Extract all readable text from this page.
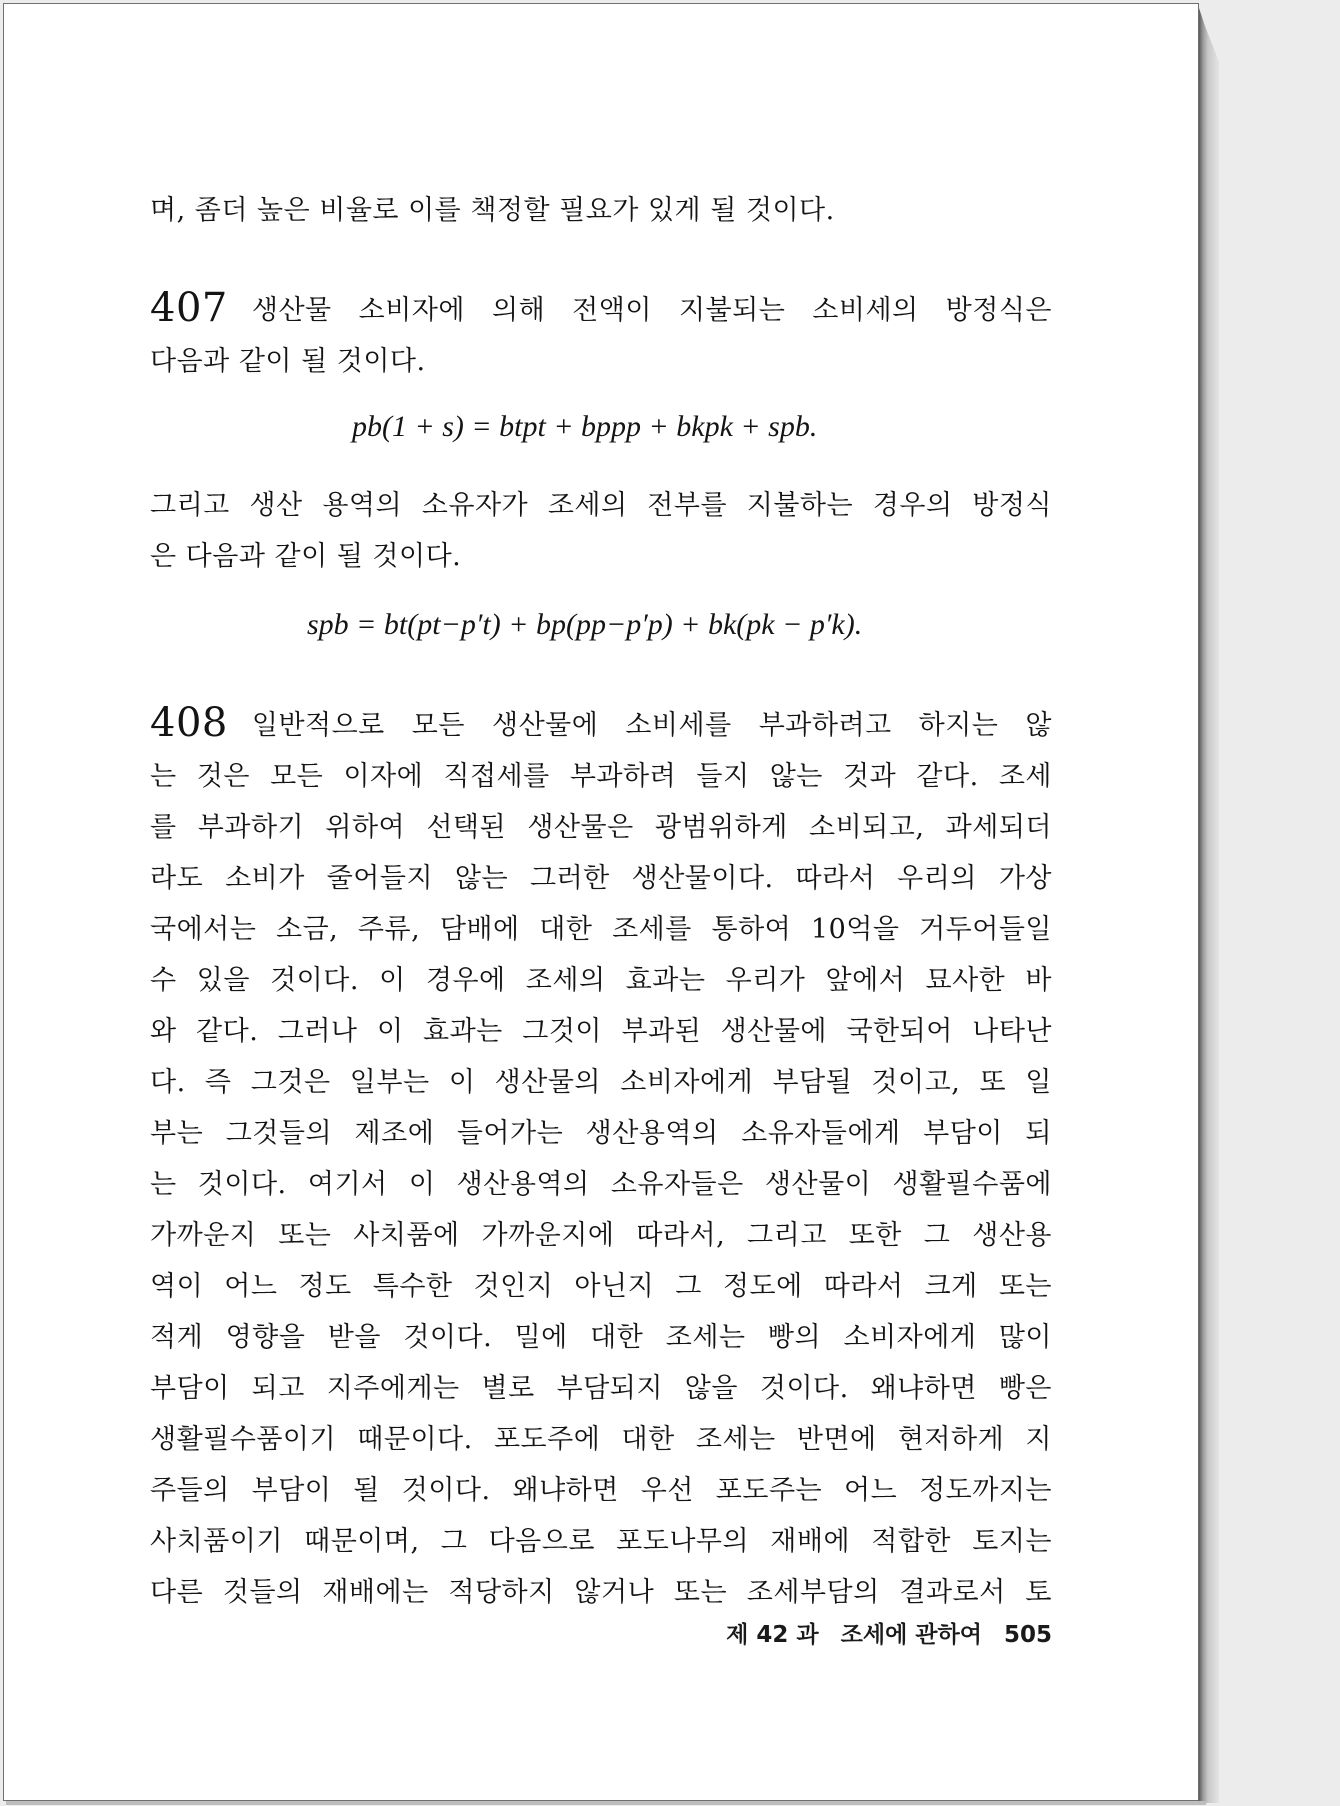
며, 좀더 높은 비율로 이를 책정할 필요가 있게 될 것이다.
407 생산물 소비자에 의해 전액이 지불되는 소비세의 방정식은
다음과 같이 될 것이다.
pb(1 + s) = btpt + bppp + bkpk + spb.
그리고 생산 용역의 소유자가 조세의 전부를 지불하는 경우의 방정식
은 다음과 같이 될 것이다.
spb = bt(pt−p′t) + bp(pp−p′p) + bk(pk − p′k).
408 일반적으로 모든 생산물에 소비세를 부과하려고 하지는 않
는 것은 모든 이자에 직접세를 부과하려 들지 않는 것과 같다. 조세
를 부과하기 위하여 선택된 생산물은 광범위하게 소비되고, 과세되더
라도 소비가 줄어들지 않는 그러한 생산물이다. 따라서 우리의 가상
국에서는 소금, 주류, 담배에 대한 조세를 통하여 10억을 거두어들일
수 있을 것이다. 이 경우에 조세의 효과는 우리가 앞에서 묘사한 바
와 같다. 그러나 이 효과는 그것이 부과된 생산물에 국한되어 나타난
다. 즉 그것은 일부는 이 생산물의 소비자에게 부담될 것이고, 또 일
부는 그것들의 제조에 들어가는 생산용역의 소유자들에게 부담이 되
는 것이다. 여기서 이 생산용역의 소유자들은 생산물이 생활필수품에
가까운지 또는 사치품에 가까운지에 따라서, 그리고 또한 그 생산용
역이 어느 정도 특수한 것인지 아닌지 그 정도에 따라서 크게 또는
적게 영향을 받을 것이다. 밀에 대한 조세는 빵의 소비자에게 많이
부담이 되고 지주에게는 별로 부담되지 않을 것이다. 왜냐하면 빵은
생활필수품이기 때문이다. 포도주에 대한 조세는 반면에 현저하게 지
주들의 부담이 될 것이다. 왜냐하면 우선 포도주는 어느 정도까지는
사치품이기 때문이며, 그 다음으로 포도나무의 재배에 적합한 토지는
다른 것들의 재배에는 적당하지 않거나 또는 조세부담의 결과로서 토
제 42 과 조세에 관하여 505
